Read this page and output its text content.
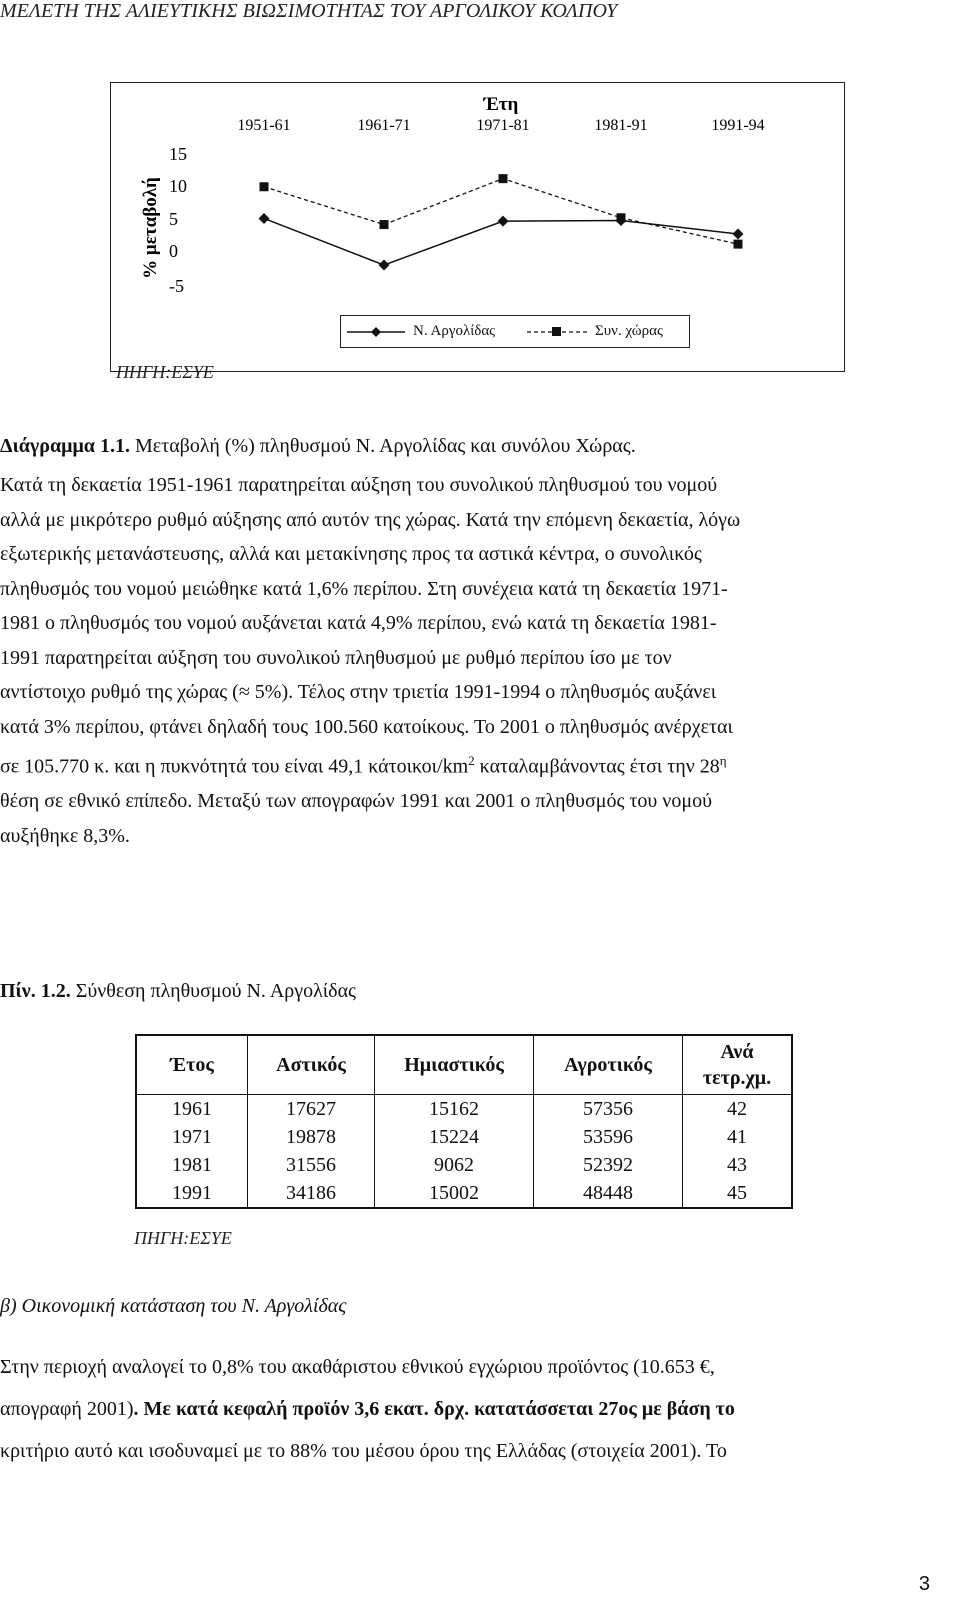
ΜΕΛΕΤΗ ΤΗΣ ΑΛΙΕΥΤΙΚΗΣ ΒΙΩΣΙΜΟΤΗΤΑΣ ΤΟΥ ΑΡΓΟΛΙΚΟΥ ΚΟΛΠΟΥ
Έτη
1951-61	1961-71	1971-81	1981-91	1991-94
15
10
5
0
-5
% μεταβολή
Ν. Αργολίδας	Συν. χώρας
ΠΗΓΗ:ΕΣΥΕ
Διάγραμμα 1.1. Μεταβολή (%) πληθυσμού Ν. Αργολίδας και συνόλου Χώρας.

Κατά τη δεκαετία 1951-1961 παρατηρείται αύξηση του συνολικού πληθυσμού του νομού

αλλά με μικρότερο ρυθμό αύξησης από αυτόν της χώρας. Κατά την επόμενη δεκαετία, λόγω

εξωτερικής μετανάστευσης, αλλά και μετακίνησης προς τα αστικά κέντρα, ο συνολικός

πληθυσμός του νομού μειώθηκε κατά 1,6% περίπου. Στη συνέχεια κατά τη δεκαετία 1971-

1981 ο πληθυσμός του νομού αυξάνεται κατά 4,9% περίπου, ενώ κατά τη δεκαετία 1981-

1991 παρατηρείται αύξηση του συνολικού πληθυσμού με ρυθμό περίπου ίσο με τον

αντίστοιχο ρυθμό της χώρας (≈ 5%). Τέλος στην τριετία 1991-1994 ο πληθυσμός αυξάνει

κατά 3% περίπου, φτάνει δηλαδή τους 100.560 κατοίκους. Το 2001 ο πληθυσμός ανέρχεται

σε 105.770 κ. και η πυκνότητά του είναι 49,1 κάτοικοι/$km^2$ καταλαμβάνοντας έτσι την $28^\eta$

θέση σε εθνικό επίπεδο. Μεταξύ των απογραφών 1991 και 2001 ο πληθυσμός του νομού

αυξήθηκε 8,3%.

Πίν. 1.2. Σύνθεση πληθυσμού Ν. Αργολίδας
Έτος	Αστικός	Ημιαστικός	Αγροτικός	Ανά τετρ.χμ.
1961	17627	15162	57356	42
1971	19878	15224	53596	41
1981	31556	9062	52392	43
1991	34186	15002	48448	45
ΠΗΓΗ:ΕΣΥΕ
β) Οικονομική κατάσταση του Ν. Αργολίδας

Στην περιοχή αναλογεί το 0,8% του ακαθάριστου εθνικού εγχώριου προϊόντος (10.653 €,

απογραφή 2001). Με κατά κεφαλή προϊόν 3,6 εκατ. δρχ. κατατάσσεται 27ος με βάση το

κριτήριο αυτό και ισοδυναμεί με το 88% του μέσου όρου της Ελλάδας (στοιχεία 2001). Το

3
